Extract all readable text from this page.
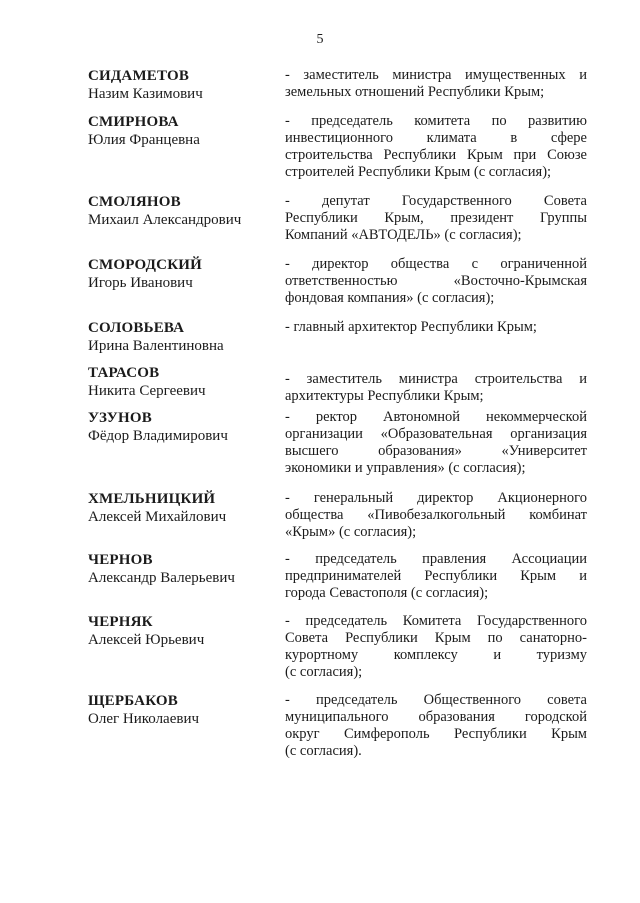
5
СИДАМЕТОВ
Назим Казимович
- заместитель министра имущественных и
земельных отношений Республики Крым;
СМИРНОВА
Юлия Францевна
- председатель комитета по развитию
инвестиционного климата в сфере
строительства Республики Крым при Союзе
строителей Республики Крым (с согласия);
СМОЛЯНОВ
Михаил Александрович
- депутат Государственного Совета
Республики Крым, президент Группы
Компаний «АВТОДЕЛЬ» (с согласия);
СМОРОДСКИЙ
Игорь Иванович
- директор общества с ограниченной
ответственностью «Восточно-Крымская
фондовая компания» (с согласия);
СОЛОВЬЕВА
Ирина Валентиновна
- главный архитектор Республики Крым;
ТАРАСОВ
Никита Сергеевич
- заместитель министра строительства и
архитектуры Республики Крым;
УЗУНОВ
Фёдор Владимирович
- ректор Автономной некоммерческой
организации «Образовательная организация
высшего образования» «Университет
экономики и управления» (с согласия);
ХМЕЛЬНИЦКИЙ
Алексей Михайлович
- генеральный директор Акционерного
общества «Пивобезалкогольный комбинат
«Крым» (с согласия);
ЧЕРНОВ
Александр Валерьевич
- председатель правления Ассоциации
предпринимателей Республики Крым и
города Севастополя (с согласия);
ЧЕРНЯК
Алексей Юрьевич
- председатель Комитета Государственного
Совета Республики Крым по санаторно-
курортному комплексу и туризму
(с согласия);
ЩЕРБАКОВ
Олег Николаевич
- председатель Общественного совета
муниципального образования городской
округ Симферополь Республики Крым
(с согласия).
